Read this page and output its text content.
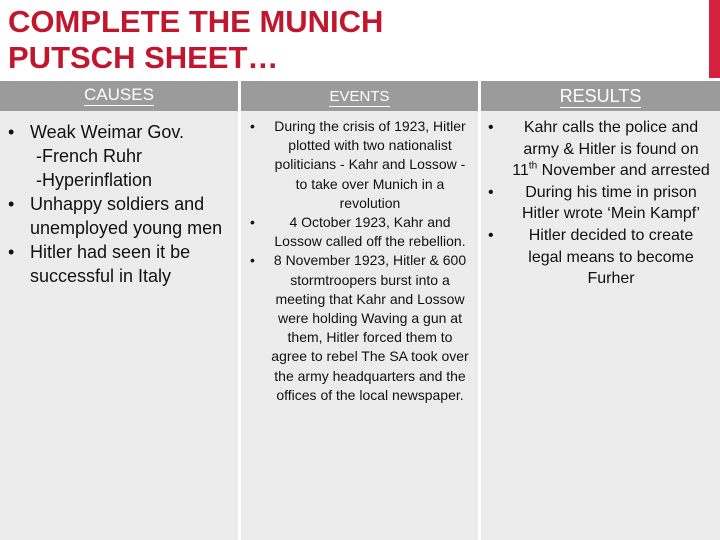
COMPLETE THE MUNICH
PUTSCH SHEET…
CAUSES
• Weak Weimar Gov.
-French Ruhr
-Hyperinflation
• Unhappy soldiers and unemployed young men
• Hitler had seen it be successful in Italy
EVENTS
• During the crisis of 1923, Hitler plotted with two nationalist politicians - Kahr and Lossow - to take over Munich in a revolution
• 4 October 1923, Kahr and Lossow called off the rebellion.
• 8 November 1923, Hitler & 600 stormtroopers burst into a meeting that Kahr and Lossow were holding Waving a gun at them, Hitler forced them to agree to rebel The SA took over the army headquarters and the offices of the local newspaper.
RESULTS
• Kahr calls the police and army & Hitler is found on 11th November and arrested
• During his time in prison Hitler wrote ‘Mein Kampf’
• Hitler decided to create legal means to become Furher
